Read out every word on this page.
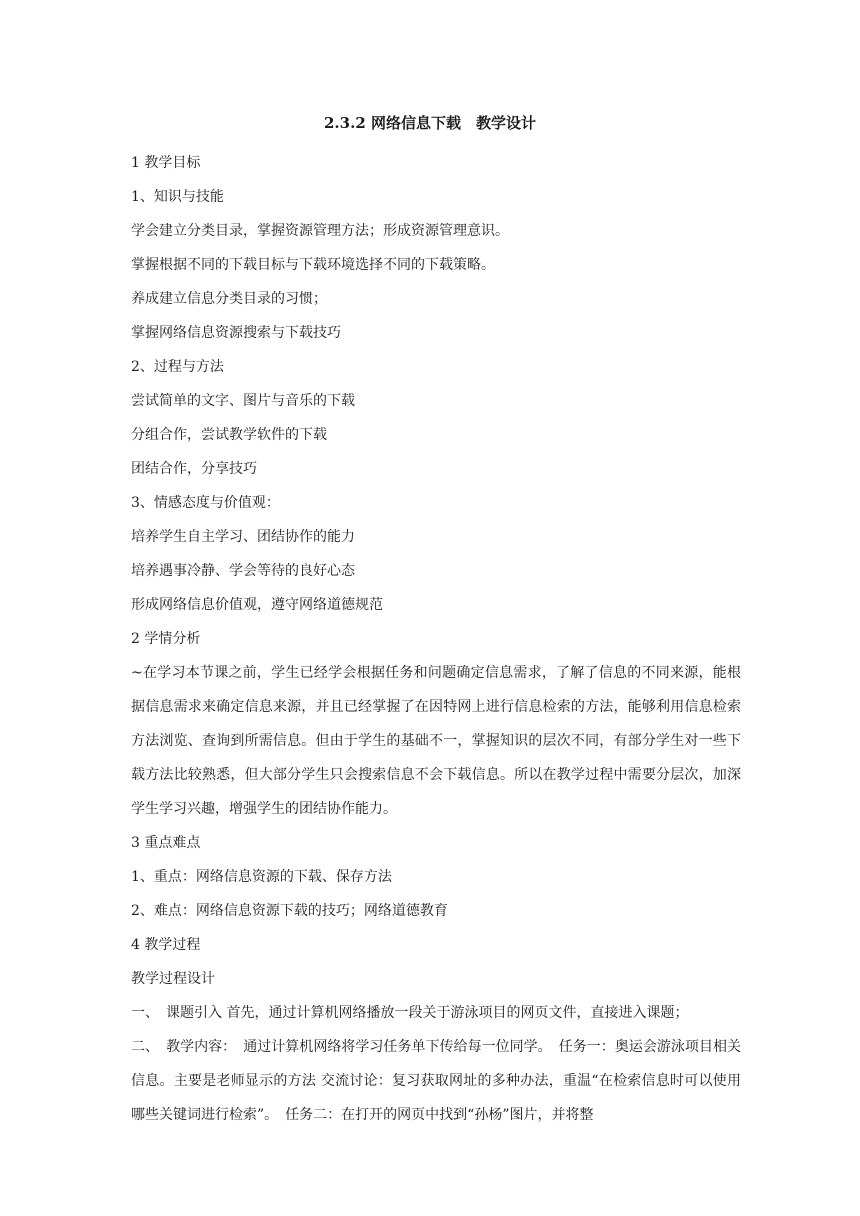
2.3.2 网络信息下载　教学设计
1 教学目标
1、知识与技能
学会建立分类目录，掌握资源管理方法；形成资源管理意识。
掌握根据不同的下载目标与下载环境选择不同的下载策略。
养成建立信息分类目录的习惯；
掌握网络信息资源搜索与下载技巧
2、过程与方法
尝试简单的文字、图片与音乐的下载
分组合作，尝试教学软件的下载
团结合作，分享技巧
3、情感态度与价值观：
培养学生自主学习、团结协作的能力
培养遇事冷静、学会等待的良好心态
形成网络信息价值观，遵守网络道德规范
2 学情分析
~在学习本节课之前，学生已经学会根据任务和问题确定信息需求，了解了信息的不同来源，能根据信息需求来确定信息来源，并且已经掌握了在因特网上进行信息检索的方法，能够利用信息检索方法浏览、查询到所需信息。但由于学生的基础不一，掌握知识的层次不同，有部分学生对一些下载方法比较熟悉，但大部分学生只会搜索信息不会下载信息。所以在教学过程中需要分层次，加深学生学习兴趣，增强学生的团结协作能力。
3 重点难点
1、重点：网络信息资源的下载、保存方法
2、难点：网络信息资源下载的技巧；网络道德教育
4 教学过程
教学过程设计
一、　课题引入 首先，通过计算机网络播放一段关于游泳项目的网页文件，直接进入课题；
二、　教学内容：　通过计算机网络将学习任务单下传给每一位同学。　任务一：奥运会游泳项目相关信息。主要是老师显示的方法 交流讨论：复习获取网址的多种办法，重温“在检索信息时可以使用哪些关键词进行检索”。　任务二：在打开的网页中找到“孙杨”图片，并将整
